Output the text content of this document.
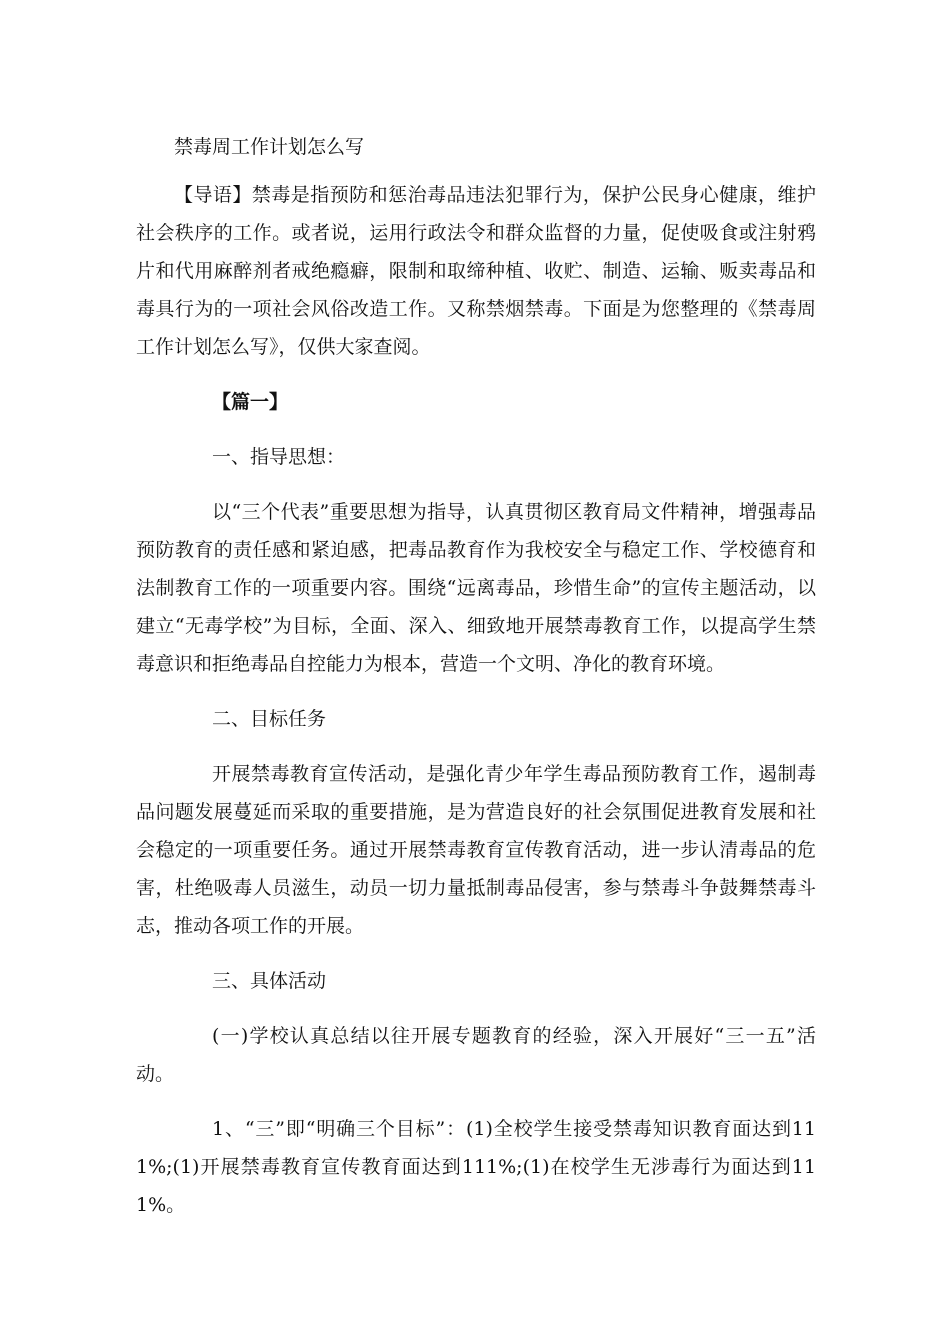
禁毒周工作计划怎么写

【导语】禁毒是指预防和惩治毒品违法犯罪行为，保护公民身心健康，维护社会秩序的工作。或者说，运用行政法令和群众监督的力量，促使吸食或注射鸦片和代用麻醉剂者戒绝瘾癖，限制和取缔种植、收贮、制造、运输、贩卖毒品和毒具行为的一项社会风俗改造工作。又称禁烟禁毒。下面是为您整理的《禁毒周工作计划怎么写》，仅供大家查阅。

【篇一】

一、指导思想：

以“三个代表”重要思想为指导，认真贯彻区教育局文件精神，增强毒品预防教育的责任感和紧迫感，把毒品教育作为我校安全与稳定工作、学校德育和法制教育工作的一项重要内容。围绕“远离毒品，珍惜生命”的宣传主题活动，以建立“无毒学校”为目标，全面、深入、细致地开展禁毒教育工作，以提高学生禁毒意识和拒绝毒品自控能力为根本，营造一个文明、净化的教育环境。

二、目标任务

开展禁毒教育宣传活动，是强化青少年学生毒品预防教育工作，遏制毒品问题发展蔓延而采取的重要措施，是为营造良好的社会氛围促进教育发展和社会稳定的一项重要任务。通过开展禁毒教育宣传教育活动，进一步认清毒品的危害，杜绝吸毒人员滋生，动员一切力量抵制毒品侵害，参与禁毒斗争鼓舞禁毒斗志，推动各项工作的开展。

三、具体活动

(一)学校认真总结以往开展专题教育的经验，深入开展好“三一五”活动。

1、“三”即“明确三个目标”：(1)全校学生接受禁毒知识教育面达到111%;(1)开展禁毒教育宣传教育面达到111%;(1)在校学生无涉毒行为面达到111%。
